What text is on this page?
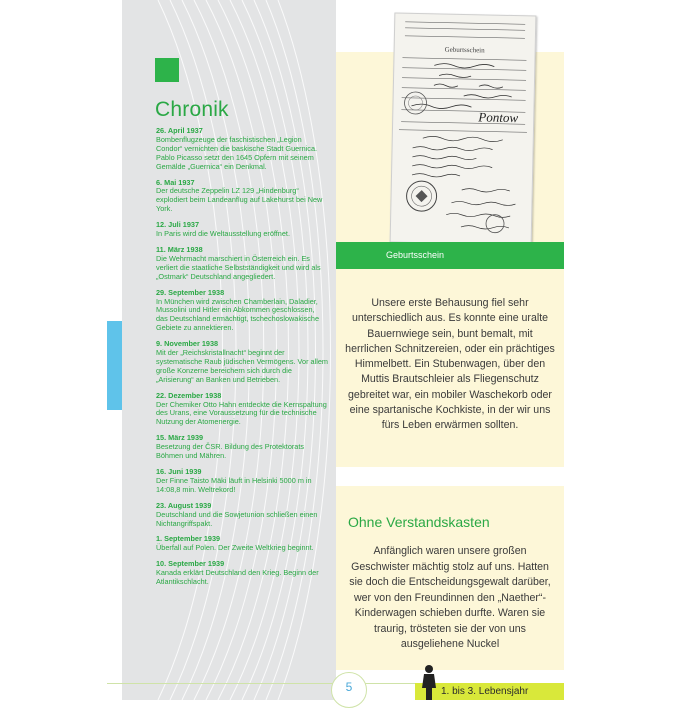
Chronik
26. April 1937
Bombenflugzeuge der faschistischen „Legion Condor“ vernichten die baskische Stadt Guernica. Pablo Picasso setzt den 1645 Opfern mit seinem Gemälde „Guernica“ ein Denkmal.
6. Mai 1937
Der deutsche Zeppelin LZ 129 „Hindenburg“ explodiert beim Landeanflug auf Lakehurst bei New York.
12. Juli 1937
In Paris wird die Weltausstellung eröffnet.
11. März 1938
Die Wehrmacht marschiert in Österreich ein. Es verliert die staatliche Selbstständigkeit und wird als „Ostmark“ Deutschland angegliedert.
29. September 1938
In München wird zwischen Chamberlain, Daladier, Mussolini und Hitler ein Abkommen geschlossen, das Deutschland ermächtigt, tschechoslowakische Gebiete zu annektieren.
9. November 1938
Mit der „Reichskristallnacht“ beginnt der systematische Raub jüdischen Vermögens. Vor allem große Konzerne bereichern sich durch die „Arisierung“ an Banken und Betrieben.
22. Dezember 1938
Der Chemiker Otto Hahn entdeckte die Kernspaltung des Urans, eine Voraussetzung für die technische Nutzung der Atomenergie.
15. März 1939
Besetzung der ČSR. Bildung des Protektorats Böhmen und Mähren.
16. Juni 1939
Der Finne Taisto Mäki läuft in Helsinki 5000 m in 14:08,8 min. Weltrekord!
23. August 1939
Deutschland und die Sowjetunion schließen einen Nichtangriffspakt.
1. September 1939
Überfall auf Polen. Der Zweite Weltkrieg beginnt.
10. September 1939
Kanada erklärt Deutschland den Krieg. Beginn der Atlantikschlacht.
Geburtsschein
Pontow
Geburtsschein

Unsere erste Behausung fiel sehr unterschiedlich aus. Es konnte eine uralte Bauernwiege sein, bunt bemalt, mit herrlichen Schnitzereien, oder ein prächtiges Himmelbett. Ein Stubenwagen, über den Muttis Brautschleier als Fliegenschutz gebreitet war, ein mobiler Waschekorb oder eine spartanische Kochkiste, in der wir uns fürs Leben erwärmen sollten.

Ohne Verstandskasten

Anfänglich waren unsere großen Geschwister mächtig stolz auf uns. Hatten sie doch die Entscheidungsgewalt darüber, wer von den Freundinnen den „Naether“-Kinderwagen schieben durfte. Waren sie traurig, trösteten sie der von uns ausgeliehene Nuckel

5	1. bis 3. Lebensjahr
